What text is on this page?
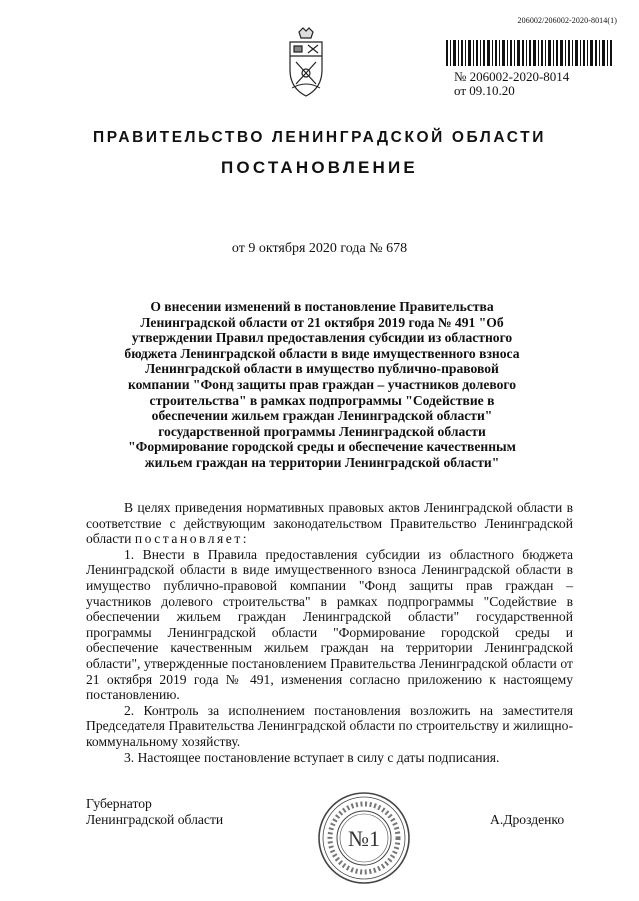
206002/206002-2020-8014(1)
№ 206002-2020-8014
от 09.10.20
ПРАВИТЕЛЬСТВО ЛЕНИНГРАДСКОЙ ОБЛАСТИ
ПОСТАНОВЛЕНИЕ
от 9 октября 2020 года № 678

О внесении изменений в постановление Правительства Ленинградской области от 21 октября 2019 года № 491 "Об утверждении Правил предоставления субсидии из областного бюджета Ленинградской области в виде имущественного взноса Ленинградской области в имущество публично-правовой компании "Фонд защиты прав граждан – участников долевого строительства" в рамках подпрограммы "Содействие в обеспечении жильем граждан Ленинградской области" государственной программы Ленинградской области "Формирование городской среды и обеспечение качественным жильем граждан на территории Ленинградской области"

В целях приведения нормативных правовых актов Ленинградской области в соответствие с действующим законодательством Правительство Ленинградской области постановляет:

1. Внести в Правила предоставления субсидии из областного бюджета Ленинградской области в виде имущественного взноса Ленинградской области в имущество публично-правовой компании "Фонд защиты прав граждан – участников долевого строительства" в рамках подпрограммы "Содействие в обеспечении жильем граждан Ленинградской области" государственной программы Ленинградской области "Формирование городской среды и обеспечение качественным жильем граждан на территории Ленинградской области", утвержденные постановлением Правительства Ленинградской области от 21 октября 2019 года № 491, изменения согласно приложению к настоящему постановлению.

2. Контроль за исполнением постановления возложить на заместителя Председателя Правительства Ленинградской области по строительству и жилищно-коммунальному хозяйству.

3. Настоящее постановление вступает в силу с даты подписания.

Губернатор
Ленинградской области	А.Дрозденко
№1
